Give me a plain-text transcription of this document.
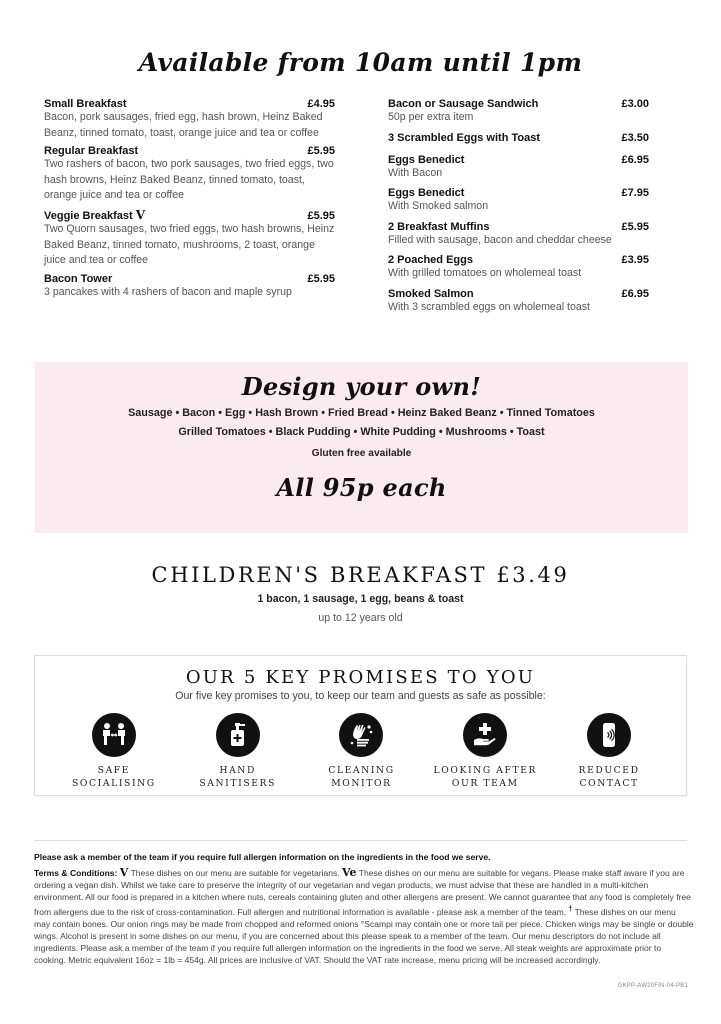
Available from 10am until 1pm
Small Breakfast	£4.95
Bacon, pork sausages, fried egg, hash brown, Heinz Baked Beanz, tinned tomato, toast, orange juice and tea or coffee
Regular Breakfast	£5.95
Two rashers of bacon, two pork sausages, two fried eggs, two hash browns, Heinz Baked Beanz, tinned tomato, toast, orange juice and tea or coffee
Veggie Breakfast V	£5.95
Two Quorn sausages, two fried eggs, two hash browns, Heinz Baked Beanz, tinned tomato, mushrooms, 2 toast, orange juice and tea or coffee
Bacon Tower	£5.95
3 pancakes with 4 rashers of bacon and maple syrup
Bacon or Sausage Sandwich	£3.00
50p per extra item
3 Scrambled Eggs with Toast	£3.50
Eggs Benedict	£6.95
With Bacon
Eggs Benedict	£7.95
With Smoked salmon
2 Breakfast Muffins	£5.95
Filled with sausage, bacon and cheddar cheese
2 Poached Eggs	£3.95
With grilled tomatoes on wholemeal toast
Smoked Salmon	£6.95
With 3 scrambled eggs on wholemeal toast
Design your own!
Sausage • Bacon • Egg • Hash Brown • Fried Bread • Heinz Baked Beanz • Tinned Tomatoes
Grilled Tomatoes • Black Pudding • White Pudding • Mushrooms • Toast
Gluten free available
All 95p each
CHILDREN'S BREAKFAST £3.49
1 bacon, 1 sausage, 1 egg, beans & toast
up to 12 years old
OUR 5 KEY PROMISES TO YOU
Our five key promises to you, to keep our team and guests as safe as possible:
SAFE
SOCIALISING
HAND
SANITISERS
CLEANING
MONITOR
LOOKING AFTER
OUR TEAM
REDUCED
CONTACT
Please ask a member of the team if you require full allergen information on the ingredients in the food we serve.
Terms & Conditions: V These dishes on our menu are suitable for vegetarians. Ve These dishes on our menu are suitable for vegans. Please make staff aware if you are ordering a vegan dish. Whilst we take care to preserve the integrity of our vegetarian and vegan products, we must advise that these are handled in a multi-kitchen environment. All our food is prepared in a kitchen where nuts, cereals containing gluten and other allergens are present. We cannot guarantee that any food is completely free from allergens due to the risk of cross-contamination. Full allergen and nutritional information is available - please ask a member of the team. † These dishes on our menu may contain bones. Our onion rings may be made from chopped and reformed onions °Scampi may contain one or more tail per piece. Chicken wings may be single or double wings. Alcohol is present in some dishes on our menu, if you are concerned about this please speak to a member of the team. Our menu descriptors do not include all ingredients. Please ask a member of the team if you require full allergen information on the ingredients in the food we serve. All steak weights are approximate prior to cooking. Metric equivalent 16oz = 1lb = 454g. All prices are inclusive of VAT. Should the VAT rate increase, menu pricing will be increased accordingly.
GKPP-AW20FIN-04-PB1
